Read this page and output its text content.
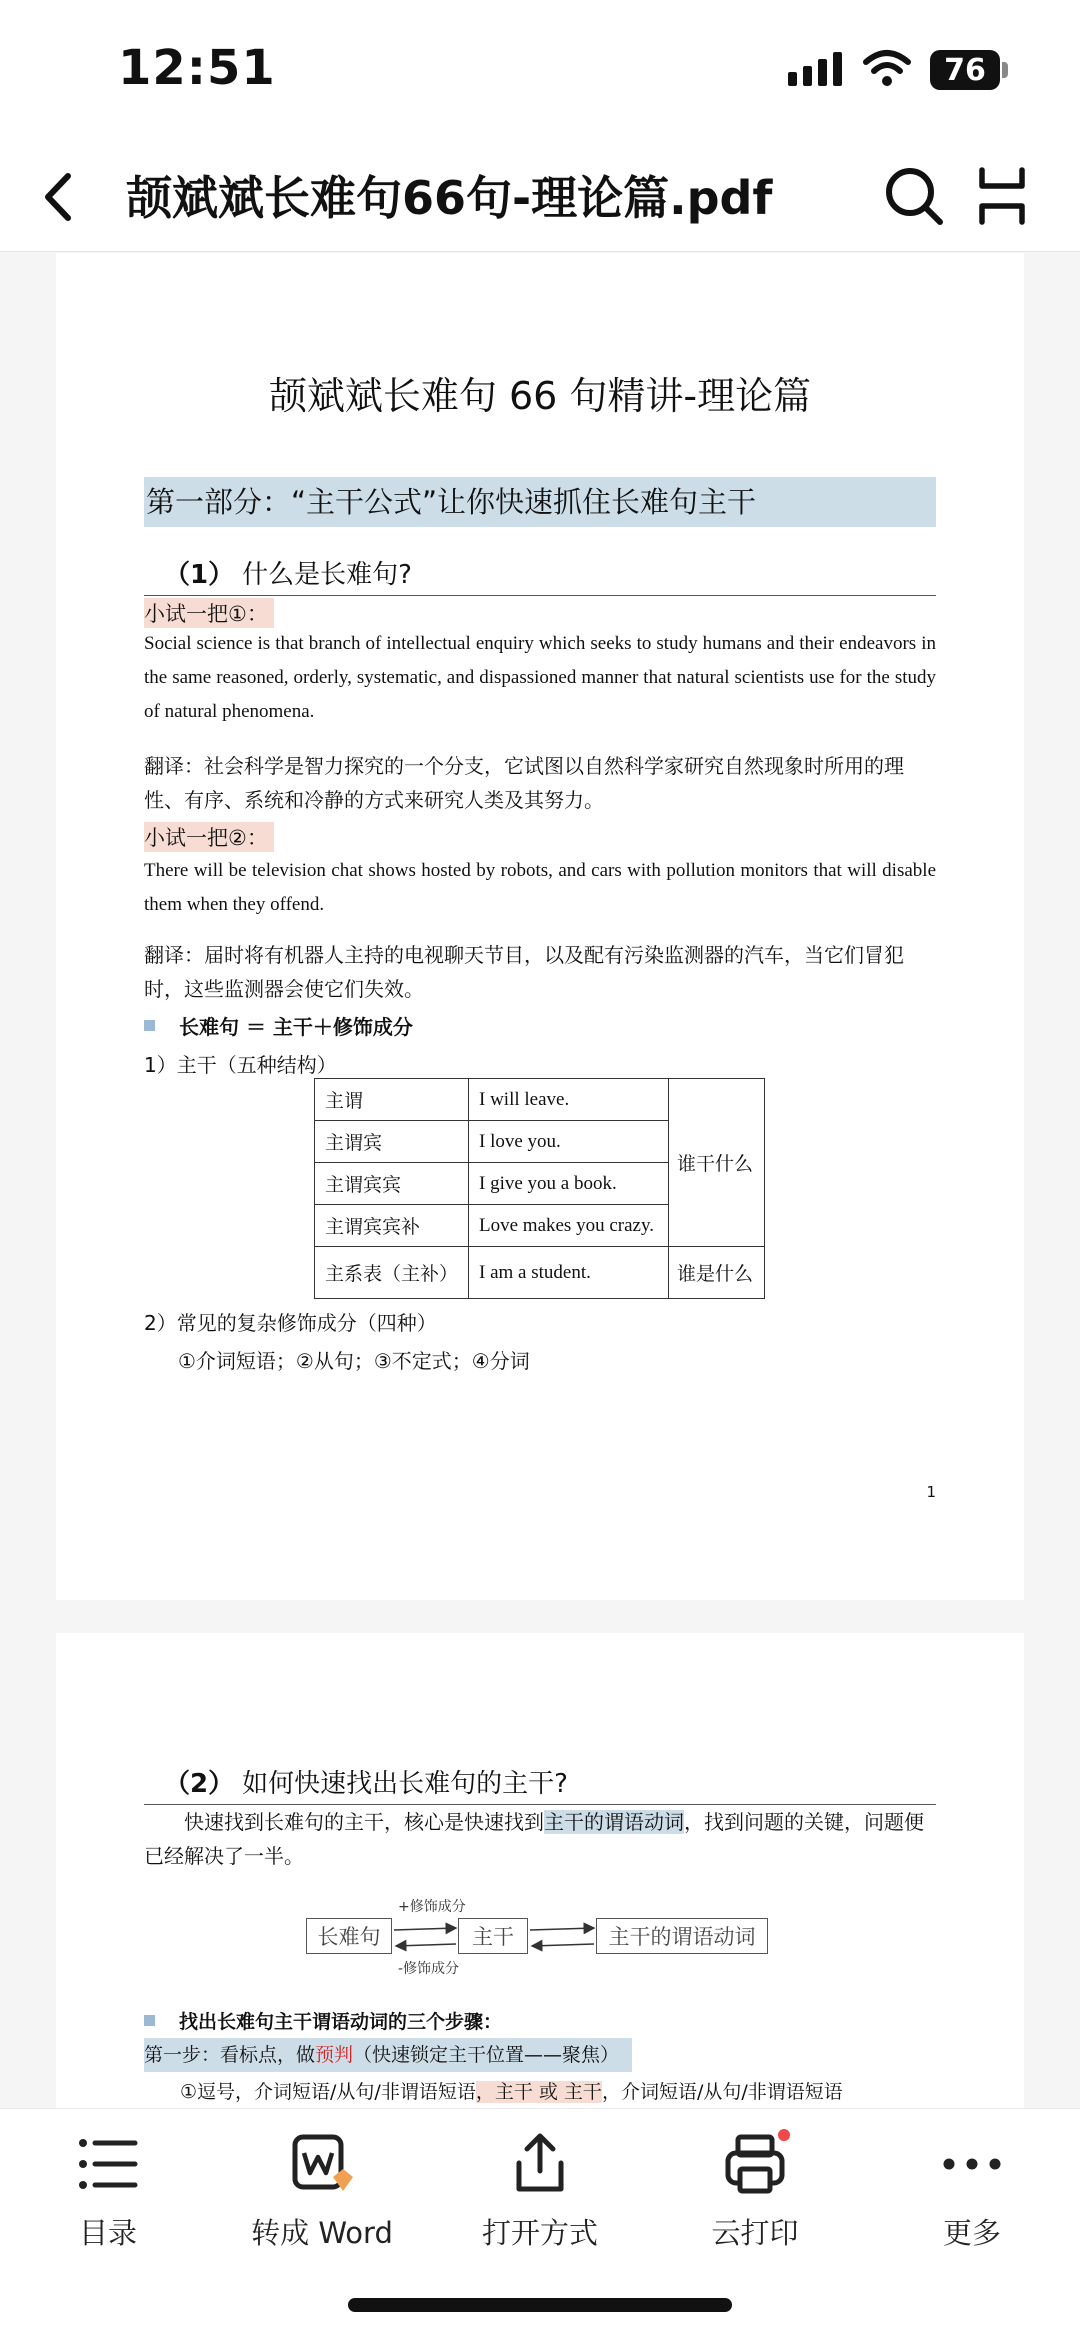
12:51	76
颉斌斌长难句66句-理论篇.pdf
颉斌斌长难句 66 句精讲-理论篇
第一部分：“主干公式”让你快速抓住长难句主干
（1） 什么是长难句?
小试一把①：
Social science is that branch of intellectual enquiry which seeks to study humans and their endeavors in the same reasoned, orderly, systematic, and dispassioned manner that natural scientists use for the study of natural phenomena.
翻译：社会科学是智力探究的一个分支，它试图以自然科学家研究自然现象时所用的理性、有序、系统和冷静的方式来研究人类及其努力。
小试一把②：
There will be television chat shows hosted by robots, and cars with pollution monitors that will disable them when they offend.
翻译：届时将有机器人主持的电视聊天节目，以及配有污染监测器的汽车，当它们冒犯时，这些监测器会使它们失效。
长难句 ＝ 主干＋修饰成分
1）主干（五种结构）
主谓	I will leave.	谁干什么
主谓宾	I love you.	
主谓宾宾	I give you a book.	
主谓宾宾补	Love makes you crazy.	
主系表（主补）	I am a student.	谁是什么
2）常见的复杂修饰成分（四种）
①介词短语；②从句；③不定式；④分词
1
（2） 如何快速找出长难句的主干?
快速找到长难句的主干，核心是快速找到主干的谓语动词，找到问题的关键，问题便已经解决了一半。
长难句	主干	主干的谓语动词
+修饰成分
-修饰成分
找出长难句主干谓语动词的三个步骤：
第一步：看标点，做预判（快速锁定主干位置——聚焦）
①逗号，介词短语/从句/非谓语短语，主干 或 主干，介词短语/从句/非谓语短语
目录	转成 Word	打开方式	云打印	更多
